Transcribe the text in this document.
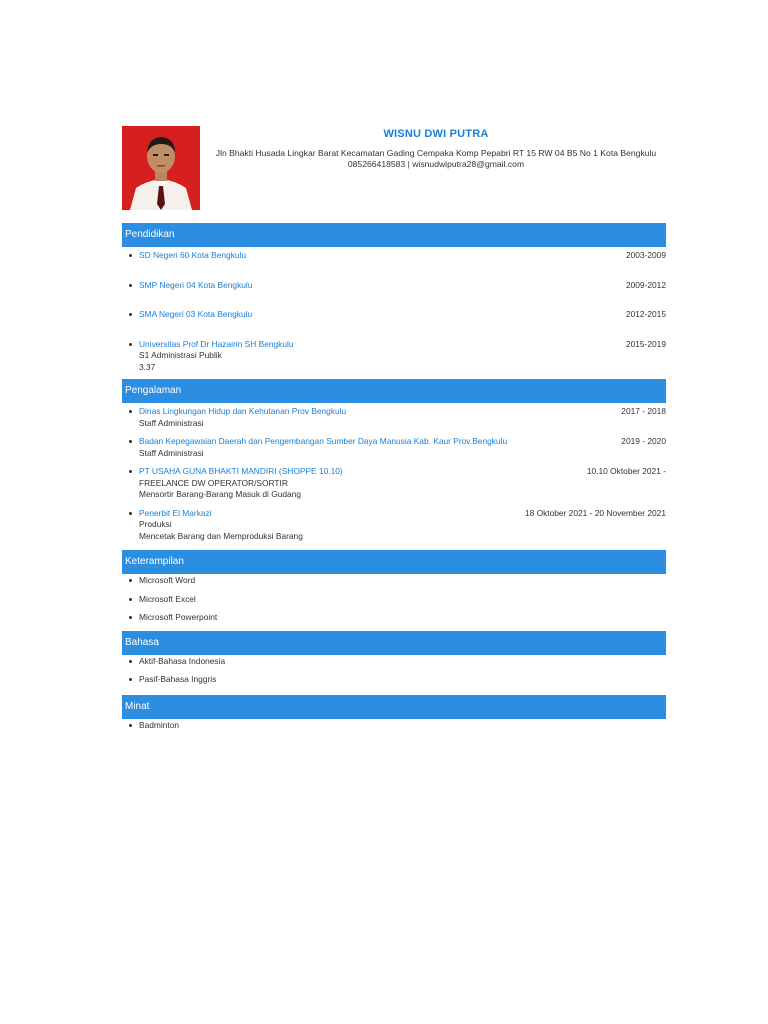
WISNU DWI PUTRA
Jln Bhakti Husada Lingkar Barat Kecamatan Gading Cempaka Komp Pepabri RT 15 RW 04 B5 No 1 Kota Bengkulu
085266418583 | wisnudwiputra28@gmail.com
Pendidikan
SD Negeri 60 Kota Bengkulu	2003-2009
SMP Negeri 04 Kota Bengkulu	2009-2012
SMA Negeri 03 Kota Bengkulu	2012-2015
Universitas Prof Dr Hazairin SH Bengkulu	2015-2019
S1 Administrasi Publik
3.37
Pengalaman
Dinas Lingkungan Hidup dan Kehutanan Prov Bengkulu	2017 - 2018
Staff Administrasi
Badan Kepegawaian Daerah dan Pengembangan Sumber Daya Manusia Kab. Kaur Prov.Bengkulu	2019 - 2020
Staff Administrasi
PT USAHA GUNA BHAKTI MANDIRI (SHOPPE 10.10)	10.10 Oktober 2021 -
FREELANCE DW OPERATOR/SORTIR
Mensortir Barang-Barang Masuk di Gudang
Penerbit El Markazi	18 Oktober 2021 - 20 November 2021
Produksi
Mencetak Barang dan Memproduksi Barang
Keterampilan
Microsoft Word
Microsoft Excel
Microsoft Powerpoint
Bahasa
Aktif-Bahasa Indonesia
Pasif-Bahasa Inggris
Minat
Badminton
